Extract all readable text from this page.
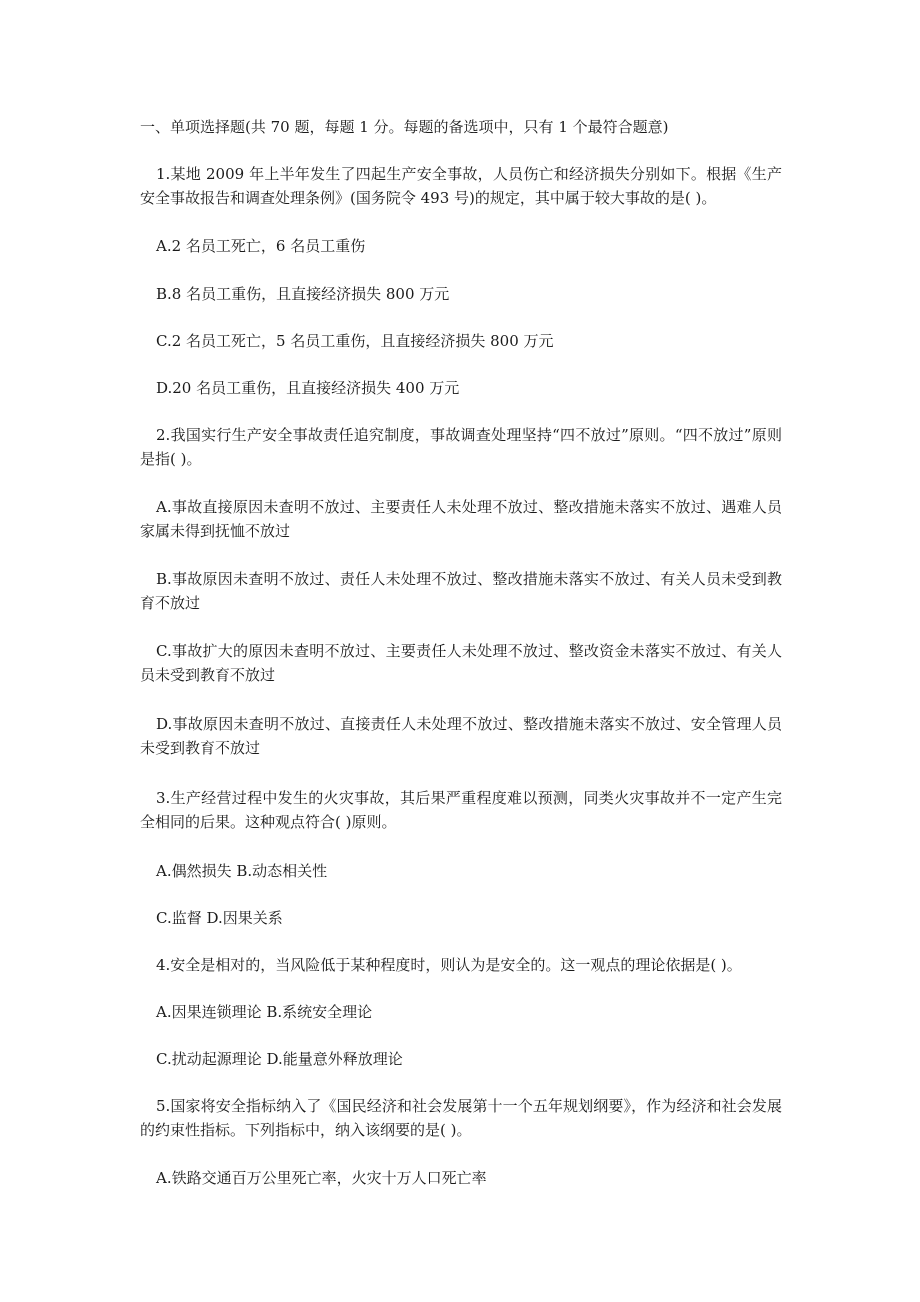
一、单项选择题(共 70 题，每题 1 分。每题的备选项中，只有 1 个最符合题意)

1.某地 2009 年上半年发生了四起生产安全事故，人员伤亡和经济损失分别如下。根据《生产安全事故报告和调查处理条例》(国务院令 493 号)的规定，其中属于较大事故的是( )。

A.2 名员工死亡，6 名员工重伤

B.8 名员工重伤，且直接经济损失 800 万元

C.2 名员工死亡，5 名员工重伤，且直接经济损失 800 万元

D.20 名员工重伤，且直接经济损失 400 万元

2.我国实行生产安全事故责任追究制度，事故调查处理坚持“四不放过”原则。“四不放过”原则是指( )。

A.事故直接原因未查明不放过、主要责任人未处理不放过、整改措施未落实不放过、遇难人员家属未得到抚恤不放过

B.事故原因未查明不放过、责任人未处理不放过、整改措施未落实不放过、有关人员未受到教育不放过

C.事故扩大的原因未查明不放过、主要责任人未处理不放过、整改资金未落实不放过、有关人员未受到教育不放过

D.事故原因未查明不放过、直接责任人未处理不放过、整改措施未落实不放过、安全管理人员未受到教育不放过

3.生产经营过程中发生的火灾事故，其后果严重程度难以预测，同类火灾事故并不一定产生完全相同的后果。这种观点符合( )原则。

A.偶然损失 B.动态相关性

C.监督 D.因果关系

4.安全是相对的，当风险低于某种程度时，则认为是安全的。这一观点的理论依据是( )。

A.因果连锁理论 B.系统安全理论

C.扰动起源理论 D.能量意外释放理论

5.国家将安全指标纳入了《国民经济和社会发展第十一个五年规划纲要》，作为经济和社会发展的约束性指标。下列指标中，纳入该纲要的是( )。

A.铁路交通百万公里死亡率，火灾十万人口死亡率
